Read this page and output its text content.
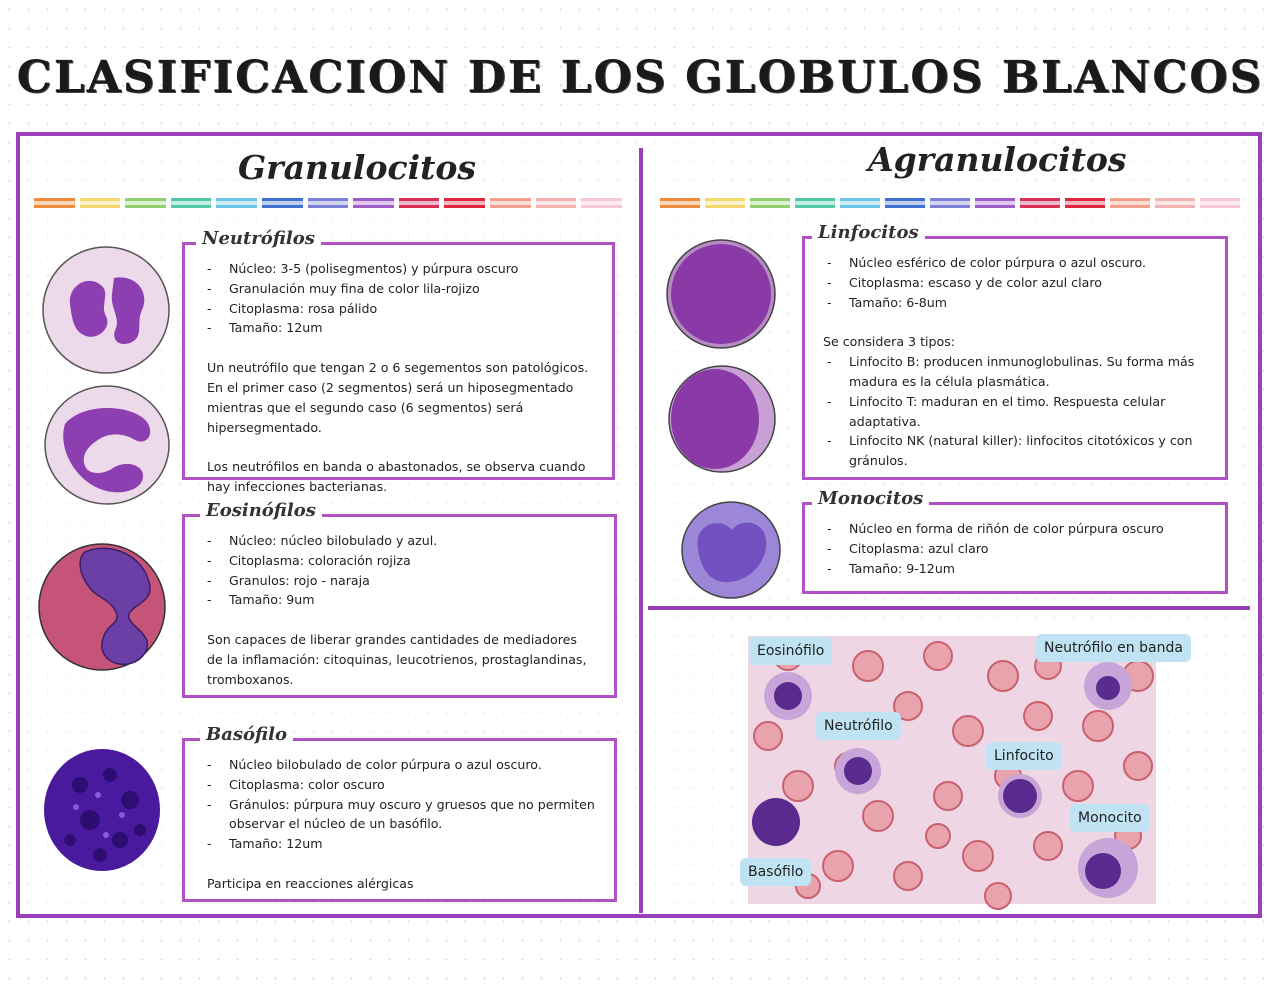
CLASIFICACION DE LOS GLOBULOS BLANCOS
Granulocitos
- Núcleo: 3-5 (polisegmentos) y púrpura oscuro
- Granulación muy fina de color lila-rojizo
- Citoplasma: rosa pálido
- Tamaño: 12um

Un neutrófilo que tengan 2 o 6 segementos son patológicos. En el primer caso (2 segmentos) será un hiposegmentado mientras que el segundo caso (6 segmentos) será hipersegmentado.

Los neutrófilos en banda o abastonados, se observa cuando hay infecciones bacterianas.

Neutrófilos
- Núcleo: núcleo bilobulado y azul.
- Citoplasma: coloración rojiza
- Granulos: rojo - naraja
- Tamaño: 9um

Son capaces de liberar grandes cantidades de mediadores de la inflamación: citoquinas, leucotrienos, prostaglandinas, tromboxanos.

Eosinófilos
- Núcleo bilobulado de color púrpura o azul oscuro.
- Citoplasma: color oscuro
- Gránulos: púrpura muy oscuro y gruesos que no permiten observar el núcleo de un basófilo.
- Tamaño: 12um

Participa en reacciones alérgicas

Basófilo
Agranulocitos
- Núcleo esférico de color púrpura o azul oscuro.
- Citoplasma: escaso y de color azul claro
- Tamaño: 6-8um

Se considera 3 tipos:

- Linfocito B: producen inmunoglobulinas. Su forma más madura es la célula plasmática.
- Linfocito T: maduran en el timo. Respuesta celular adaptativa.
- Linfocito NK (natural killer): linfocitos citotóxicos y con gránulos.
Linfocitos
- Núcleo en forma de riñón de color púrpura oscuro
- Citoplasma: azul claro
- Tamaño: 9-12um
Monocitos
Eosinófilo	Neutrófilo en banda
Neutrófilo
Linfocito
Monocito
Basófilo
